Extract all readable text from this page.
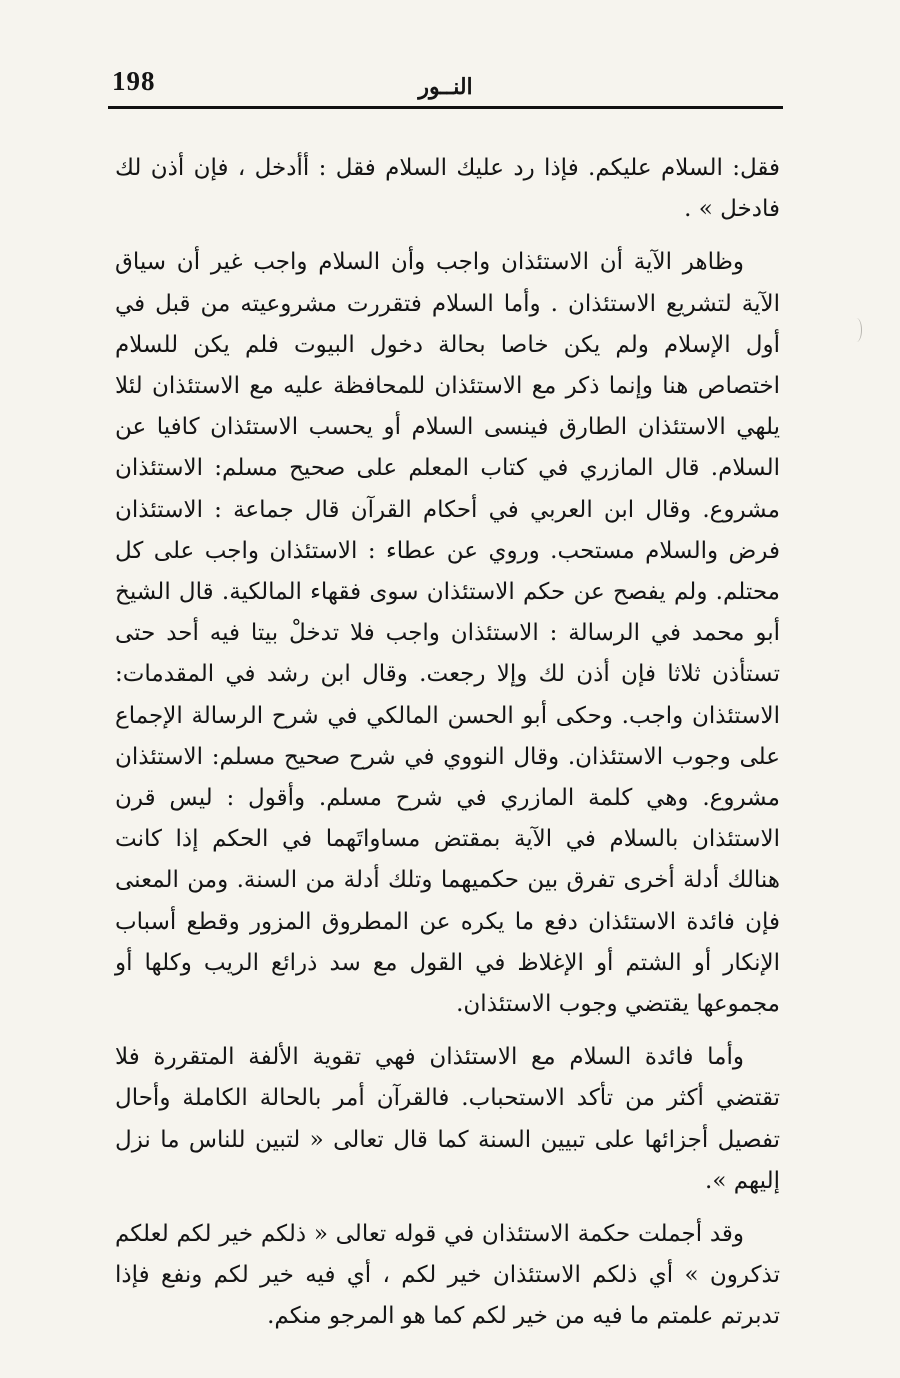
198	النــور

فقل: السلام عليكم. فإذا رد عليك السلام فقل : أأدخل ، فإن أذن لك فادخل » .

وظاهر الآية أن الاستئذان واجب وأن السلام واجب غير أن سياق الآية لتشريع الاستئذان . وأما السلام فتقررت مشروعيته من قبل في أول الإسلام ولم يكن خاصا بحالة دخول البيوت فلم يكن للسلام اختصاص هنا وإنما ذكر مع الاستئذان للمحافظة عليه مع الاستئذان لئلا يلهي الاستئذان الطارق فينسى السلام أو يحسب الاستئذان كافيا عن السلام. قال المازري في كتاب المعلم على صحيح مسلم: الاستئذان مشروع. وقال ابن العربي في أحكام القرآن قال جماعة : الاستئذان فرض والسلام مستحب. وروي عن عطاء : الاستئذان واجب على كل محتلم. ولم يفصح عن حكم الاستئذان سوى فقهاء المالكية. قال الشيخ أبو محمد في الرسالة : الاستئذان واجب فلا تدخلْ بيتا فيه أحد حتى تستأذن ثلاثا فإن أذن لك وإلا رجعت. وقال ابن رشد في المقدمات: الاستئذان واجب. وحكى أبو الحسن المالكي في شرح الرسالة الإجماع على وجوب الاستئذان. وقال النووي في شرح صحيح مسلم: الاستئذان مشروع. وهي كلمة المازري في شرح مسلم. وأقول : ليس قرن الاستئذان بالسلام في الآية بمقتض مساواتَهما في الحكم إذا كانت هنالك أدلة أخرى تفرق بين حكميهما وتلك أدلة من السنة. ومن المعنى فإن فائدة الاستئذان دفع ما يكره عن المطروق المزور وقطع أسباب الإنكار أو الشتم أو الإغلاظ في القول مع سد ذرائع الريب وكلها أو مجموعها يقتضي وجوب الاستئذان.

وأما فائدة السلام مع الاستئذان فهي تقوية الألفة المتقررة فلا تقتضي أكثر من تأكد الاستحباب. فالقرآن أمر بالحالة الكاملة وأحال تفصيل أجزائها على تبيين السنة كما قال تعالى « لتبين للناس ما نزل إليهم ».

وقد أجملت حكمة الاستئذان في قوله تعالى « ذلكم خير لكم لعلكم تذكرون » أي ذلكم الاستئذان خير لكم ، أي فيه خير لكم ونفع فإذا تدبرتم علمتم ما فيه من خير لكم كما هو المرجو منكم.
